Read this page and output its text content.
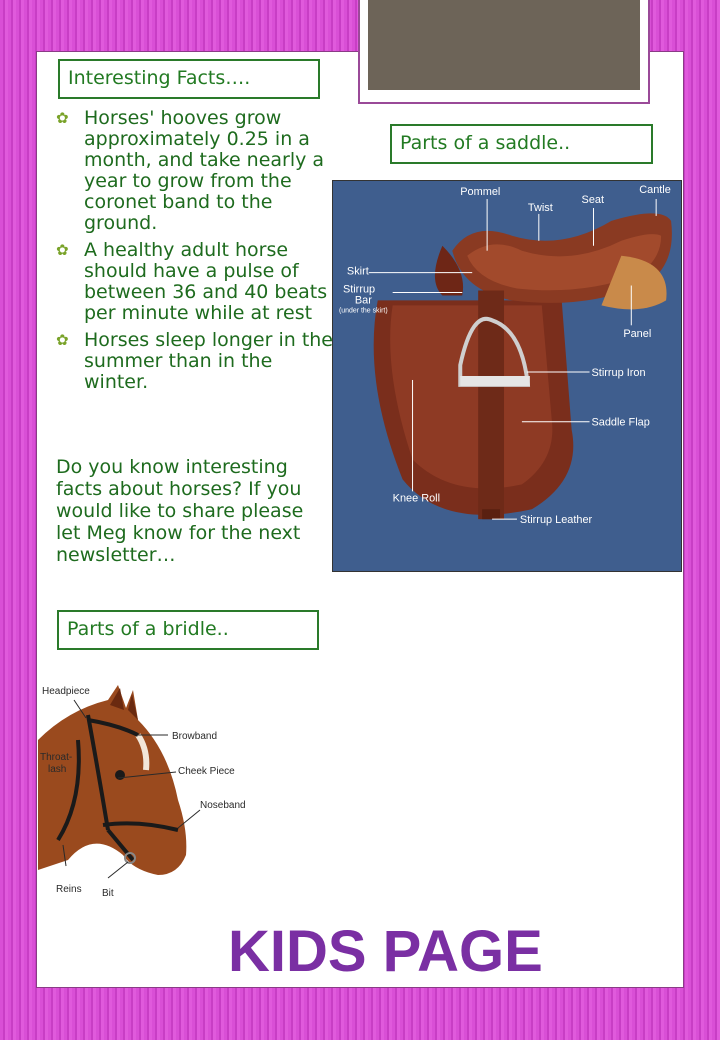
Interesting Facts….
✿ Horses' hooves grow approximately 0.25 in a month, and take nearly a year to grow from the coronet band to the ground.
✿ A healthy adult horse should have a pulse of between 36 and 40 beats per minute while at rest
✿ Horses sleep longer in the summer than in the winter.
Do you know interesting facts about horses? If you would like to share please let Meg know for the next newsletter…
Parts of a saddle..
Pommel
Twist
Seat
Cantle
Skirt
Stirrup
Bar
(under the skirt)
Panel
Stirrup Iron
Saddle Flap
Knee Roll
Stirrup Leather
Parts of a bridle..
Headpiece
Browband
Throat-
lash	Cheek Piece
Noseband
Reins Bit
KIDS PAGE
